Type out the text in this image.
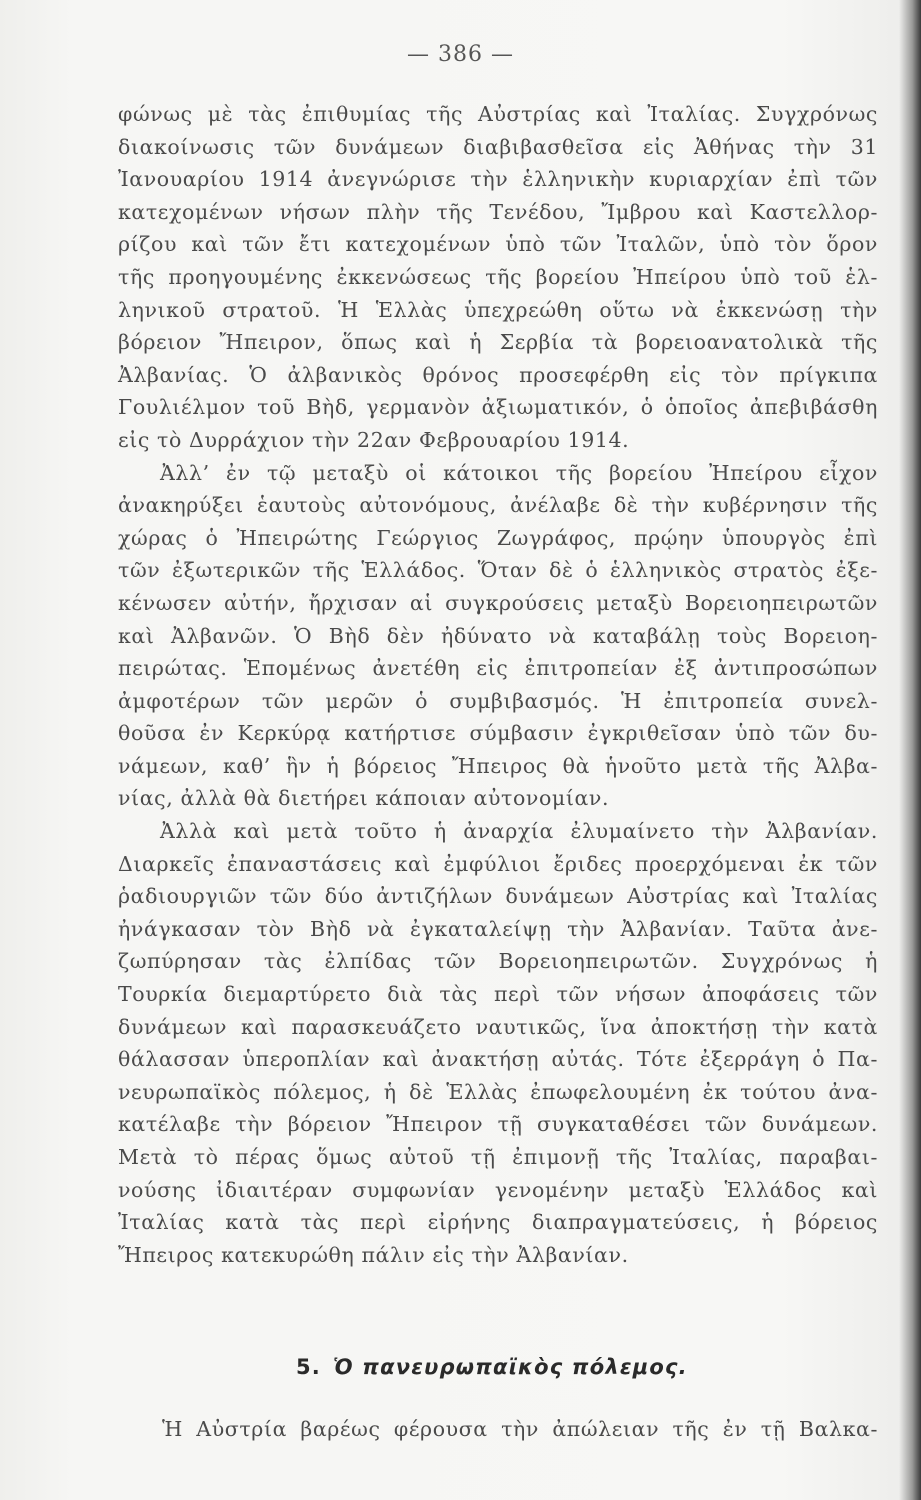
— 386 —
φώνως μὲ τὰς ἐπιθυμίας τῆς Αὐστρίας καὶ Ἰταλίας. Συγχρόνως
διακοίνωσις τῶν δυνάμεων διαβιβασθεῖσα εἰς Ἀθήνας τὴν 31
Ἰανουαρίου 1914 ἀνεγνώρισε τὴν ἑλληνικὴν κυριαρχίαν ἐπὶ τῶν
κατεχομένων νήσων πλὴν τῆς Τενέδου, Ἴμβρου καὶ Καστελλορ-
ρίζου καὶ τῶν ἔτι κατεχομένων ὑπὸ τῶν Ἰταλῶν, ὑπὸ τὸν ὅρον
τῆς προηγουμένης ἐκκενώσεως τῆς βορείου Ἠπείρου ὑπὸ τοῦ ἑλ-
ληνικοῦ στρατοῦ. Ἡ Ἑλλὰς ὑπεχρεώθη οὕτω νὰ ἐκκενώσῃ τὴν
βόρειον Ἤπειρον, ὅπως καὶ ἡ Σερβία τὰ βορειοανατολικὰ τῆς
Ἀλβανίας. Ὁ ἀλβανικὸς θρόνος προσεφέρθη εἰς τὸν πρίγκιπα
Γουλιέλμον τοῦ Βὴδ, γερμανὸν ἀξιωματικόν, ὁ ὁποῖος ἀπεβιβάσθη
εἰς τὸ Δυρράχιον τὴν 22αν Φεβρουαρίου 1914.
Ἀλλ’ ἐν τῷ μεταξὺ οἱ κάτοικοι τῆς βορείου Ἠπείρου εἶχον
ἀνακηρύξει ἑαυτοὺς αὐτονόμους, ἀνέλαβε δὲ τὴν κυβέρνησιν τῆς
χώρας ὁ Ἠπειρώτης Γεώργιος Ζωγράφος, πρῴην ὑπουργὸς ἐπὶ
τῶν ἐξωτερικῶν τῆς Ἑλλάδος. Ὅταν δὲ ὁ ἑλληνικὸς στρατὸς ἐξε-
κένωσεν αὐτήν, ἤρχισαν αἱ συγκρούσεις μεταξὺ Βορειοηπειρωτῶν
καὶ Ἀλβανῶν. Ὁ Βὴδ δὲν ἠδύνατο νὰ καταβάλῃ τοὺς Βορειοη-
πειρώτας. Ἑπομένως ἀνετέθη εἰς ἐπιτροπείαν ἐξ ἀντιπροσώπων
ἀμφοτέρων τῶν μερῶν ὁ συμβιβασμός. Ἡ ἐπιτροπεία συνελ-
θοῦσα ἐν Κερκύρᾳ κατήρτισε σύμβασιν ἐγκριθεῖσαν ὑπὸ τῶν δυ-
νάμεων, καθ’ ἣν ἡ βόρειος Ἤπειρος θὰ ἡνοῦτο μετὰ τῆς Ἀλβα-
νίας, ἀλλὰ θὰ διετήρει κάποιαν αὐτονομίαν.
Ἀλλὰ καὶ μετὰ τοῦτο ἡ ἀναρχία ἐλυμαίνετο τὴν Ἀλβανίαν.
Διαρκεῖς ἐπαναστάσεις καὶ ἐμφύλιοι ἔριδες προερχόμεναι ἐκ τῶν
ῥαδιουργιῶν τῶν δύο ἀντιζήλων δυνάμεων Αὐστρίας καὶ Ἰταλίας
ἠνάγκασαν τὸν Βὴδ νὰ ἐγκαταλείψῃ τὴν Ἀλβανίαν. Ταῦτα ἀνε-
ζωπύρησαν τὰς ἐλπίδας τῶν Βορειοηπειρωτῶν. Συγχρόνως ἡ
Τουρκία διεμαρτύρετο διὰ τὰς περὶ τῶν νήσων ἀποφάσεις τῶν
δυνάμεων καὶ παρασκευάζετο ναυτικῶς, ἵνα ἀποκτήσῃ τὴν κατὰ
θάλασσαν ὑπεροπλίαν καὶ ἀνακτήσῃ αὐτάς. Τότε ἐξερράγη ὁ Πα-
νευρωπαϊκὸς πόλεμος, ἡ δὲ Ἑλλὰς ἐπωφελουμένη ἐκ τούτου ἀνα-
κατέλαβε τὴν βόρειον Ἤπειρον τῇ συγκαταθέσει τῶν δυνάμεων.
Μετὰ τὸ πέρας ὅμως αὐτοῦ τῇ ἐπιμονῇ τῆς Ἰταλίας, παραβαι-
νούσης ἰδιαιτέραν συμφωνίαν γενομένην μεταξὺ Ἑλλάδος καὶ
Ἰταλίας κατὰ τὰς περὶ εἰρήνης διαπραγματεύσεις, ἡ βόρειος
Ἤπειρος κατεκυρώθη πάλιν εἰς τὴν Ἀλβανίαν.
5. Ὁ πανευρωπαϊκὸς πόλεμος.
Ἡ Αὐστρία βαρέως φέρουσα τὴν ἀπώλειαν τῆς ἐν τῇ Βαλκα-
